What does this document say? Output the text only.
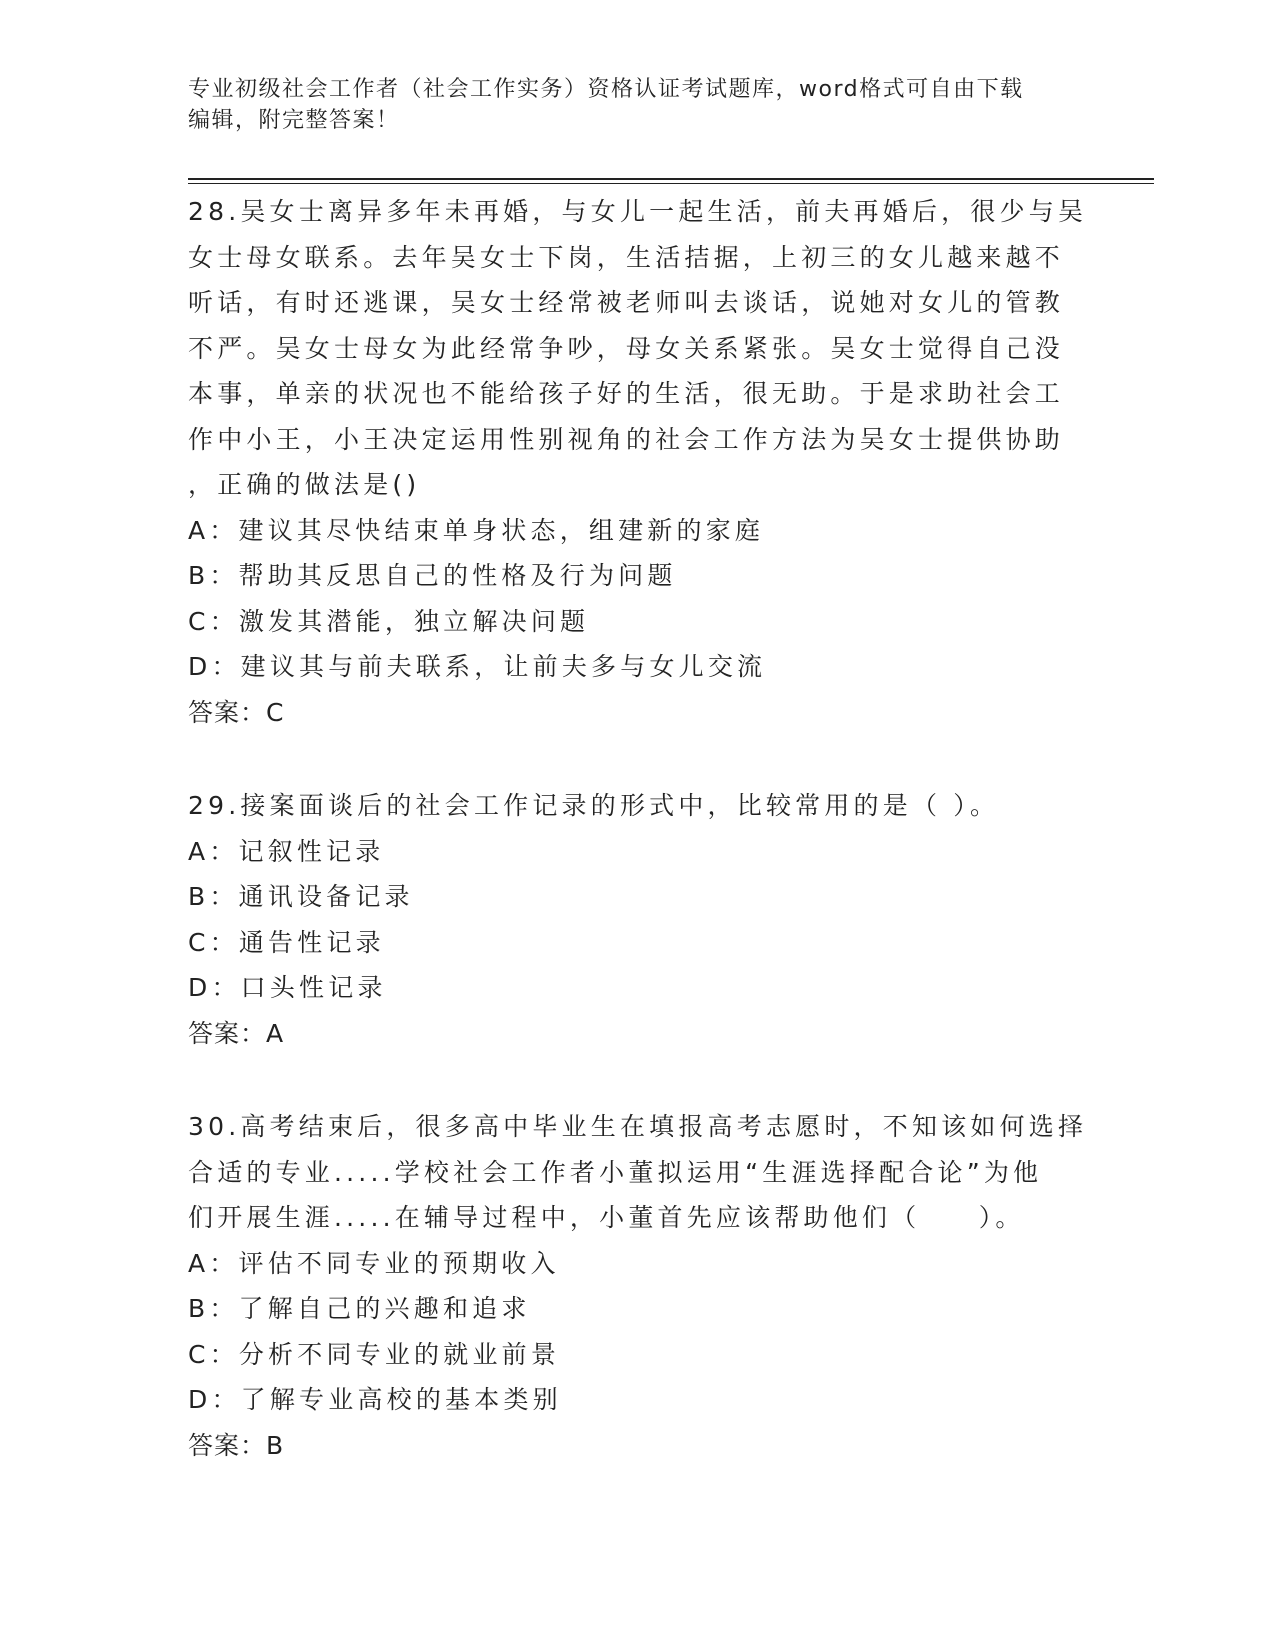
专业初级社会工作者（社会工作实务）资格认证考试题库，word格式可自由下载
编辑，附完整答案！
28.吴女士离异多年未再婚，与女儿一起生活，前夫再婚后，很少与吴
女士母女联系。去年吴女士下岗，生活拮据，上初三的女儿越来越不
听话，有时还逃课，吴女士经常被老师叫去谈话，说她对女儿的管教
不严。吴女士母女为此经常争吵，母女关系紧张。吴女士觉得自己没
本事，单亲的状况也不能给孩子好的生活，很无助。于是求助社会工
作中小王，小王决定运用性别视角的社会工作方法为吴女士提供协助
，正确的做法是()
A：建议其尽快结束单身状态，组建新的家庭
B：帮助其反思自己的性格及行为问题
C：激发其潜能，独立解决问题
D：建议其与前夫联系，让前夫多与女儿交流
答案：C
29.接案面谈后的社会工作记录的形式中，比较常用的是（ ）。
A：记叙性记录
B：通讯设备记录
C：通告性记录
D：口头性记录
答案：A
30.高考结束后，很多高中毕业生在填报高考志愿时，不知该如何选择
合适的专业.....学校社会工作者小董拟运用“生涯选择配合论”为他
们开展生涯.....在辅导过程中，小董首先应该帮助他们（　　）。
A：评估不同专业的预期收入
B：了解自己的兴趣和追求
C：分析不同专业的就业前景
D：了解专业高校的基本类别
答案：B
